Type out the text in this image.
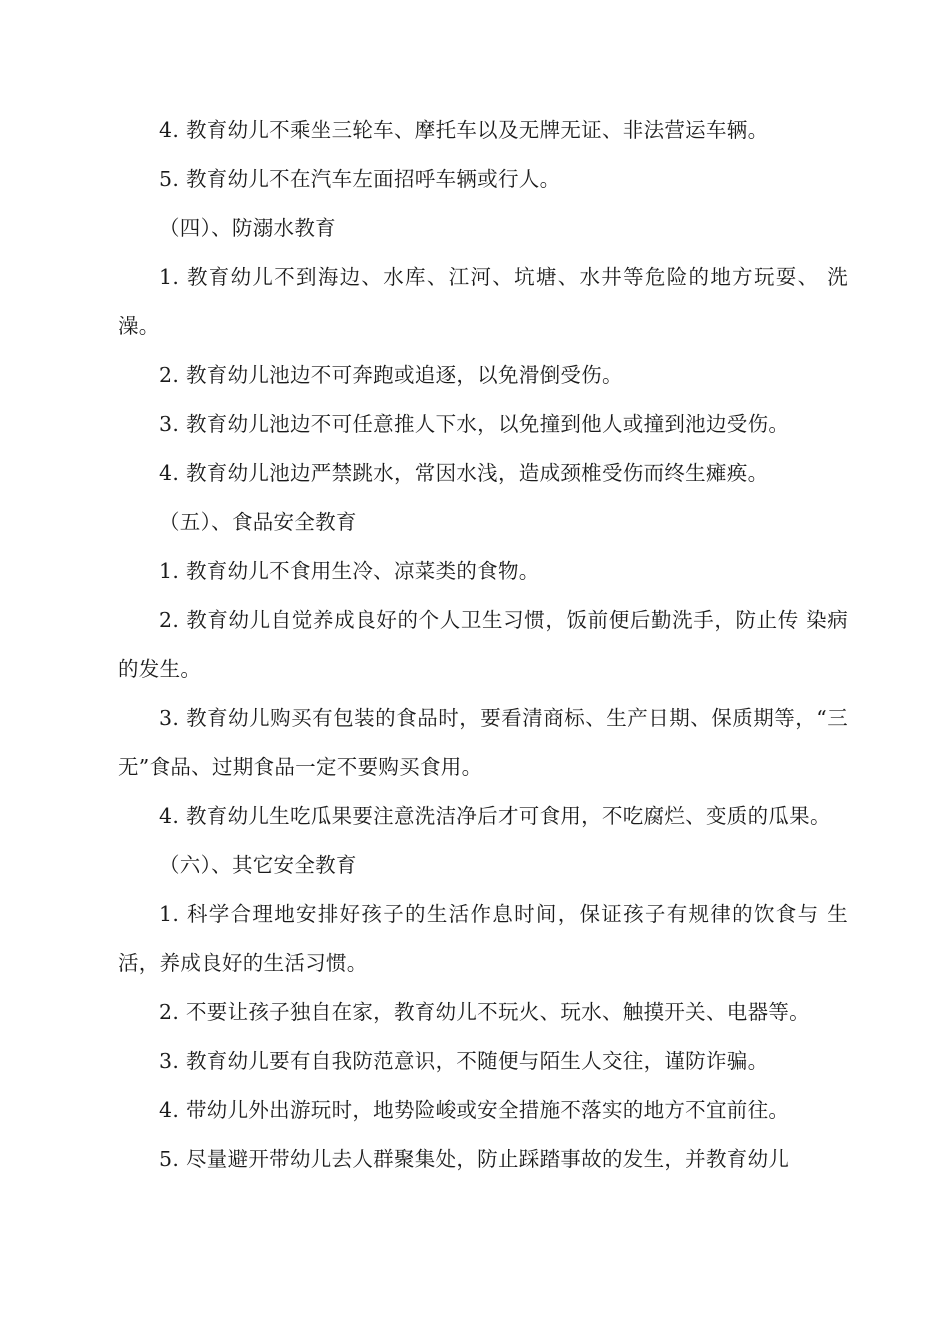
4. 教育幼儿不乘坐三轮车、摩托车以及无牌无证、非法营运车辆。

5. 教育幼儿不在汽车左面招呼车辆或行人。

（四）、防溺水教育

1. 教育幼儿不到海边、水库、江河、坑塘、水井等危险的地方玩耍、 洗澡。

2. 教育幼儿池边不可奔跑或追逐，以免滑倒受伤。

3. 教育幼儿池边不可任意推人下水，以免撞到他人或撞到池边受伤。

4. 教育幼儿池边严禁跳水，常因水浅，造成颈椎受伤而终生瘫痪。

（五）、食品安全教育

1. 教育幼儿不食用生冷、凉菜类的食物。

2. 教育幼儿自觉养成良好的个人卫生习惯，饭前便后勤洗手，防止传 染病的发生。

3. 教育幼儿购买有包装的食品时，要看清商标、生产日期、保质期等，“三无”食品、过期食品一定不要购买食用。

4. 教育幼儿生吃瓜果要注意洗洁净后才可食用，不吃腐烂、变质的瓜果。

（六）、其它安全教育

1. 科学合理地安排好孩子的生活作息时间，保证孩子有规律的饮食与 生活，养成良好的生活习惯。

2. 不要让孩子独自在家，教育幼儿不玩火、玩水、触摸开关、电器等。

3. 教育幼儿要有自我防范意识，不随便与陌生人交往，谨防诈骗。

4. 带幼儿外出游玩时，地势险峻或安全措施不落实的地方不宜前往。

5. 尽量避开带幼儿去人群聚集处，防止踩踏事故的发生，并教育幼儿
